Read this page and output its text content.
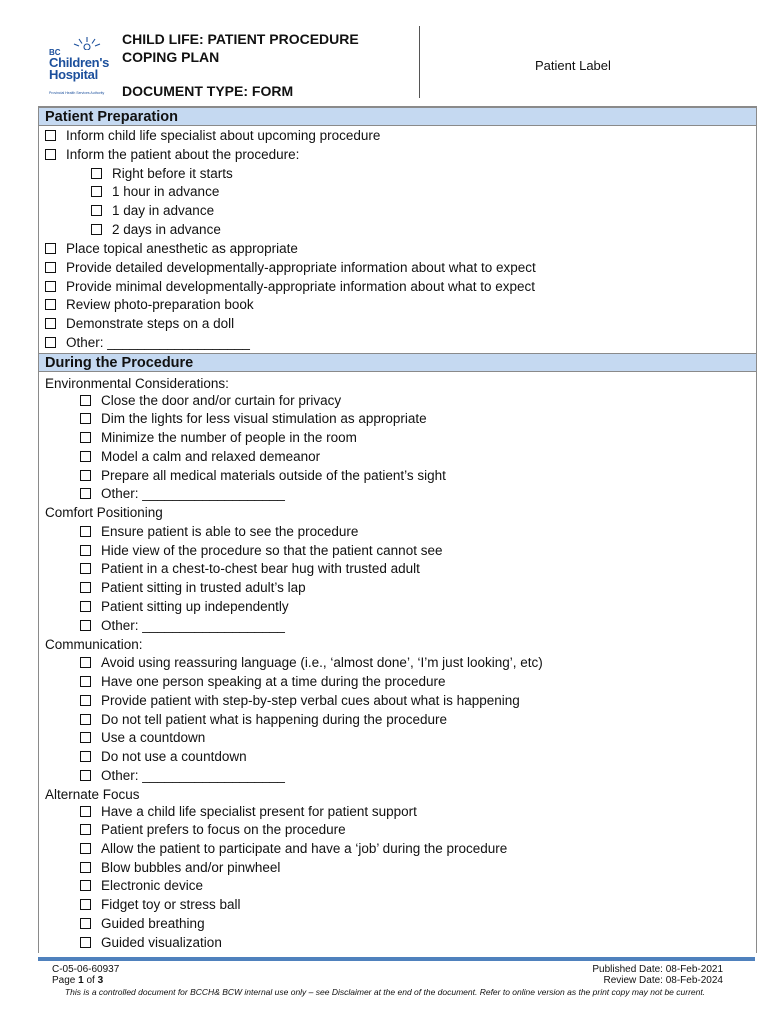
BC
Children's
Hospital
Provincial Health Services Authority
CHILD LIFE: PATIENT PROCEDURE
COPING PLAN
DOCUMENT TYPE: FORM
Patient Label
Patient Preparation
Inform child life specialist about upcoming procedure
Inform the patient about the procedure:
Right before it starts
1 hour in advance
1 day in advance
2 days in advance
Place topical anesthetic as appropriate
Provide detailed developmentally-appropriate information about what to expect
Provide minimal developmentally-appropriate information about what to expect
Review photo-preparation book
Demonstrate steps on a doll
Other: ___________________
During the Procedure
Environmental Considerations:
Close the door and/or curtain for privacy
Dim the lights for less visual stimulation as appropriate
Minimize the number of people in the room
Model a calm and relaxed demeanor
Prepare all medical materials outside of the patient’s sight
Other: ___________________
Comfort Positioning
Ensure patient is able to see the procedure
Hide view of the procedure so that the patient cannot see
Patient in a chest-to-chest bear hug with trusted adult
Patient sitting in trusted adult’s lap
Patient sitting up independently
Other: ___________________
Communication:
Avoid using reassuring language (i.e., ‘almost done’, ‘I’m just looking’, etc)
Have one person speaking at a time during the procedure
Provide patient with step-by-step verbal cues about what is happening
Do not tell patient what is happening during the procedure
Use a countdown
Do not use a countdown
Other: ___________________
Alternate Focus
Have a child life specialist present for patient support
Patient prefers to focus on the procedure
Allow the patient to participate and have a ‘job’ during the procedure
Blow bubbles and/or pinwheel
Electronic device
Fidget toy or stress ball
Guided breathing
Guided visualization
C-05-06-60937
Page 1 of 3
Published Date: 08-Feb-2021
Review Date: 08-Feb-2024
This is a controlled document for BCCH& BCW internal use only – see Disclaimer at the end of the document. Refer to online version as the print copy may not be current.
